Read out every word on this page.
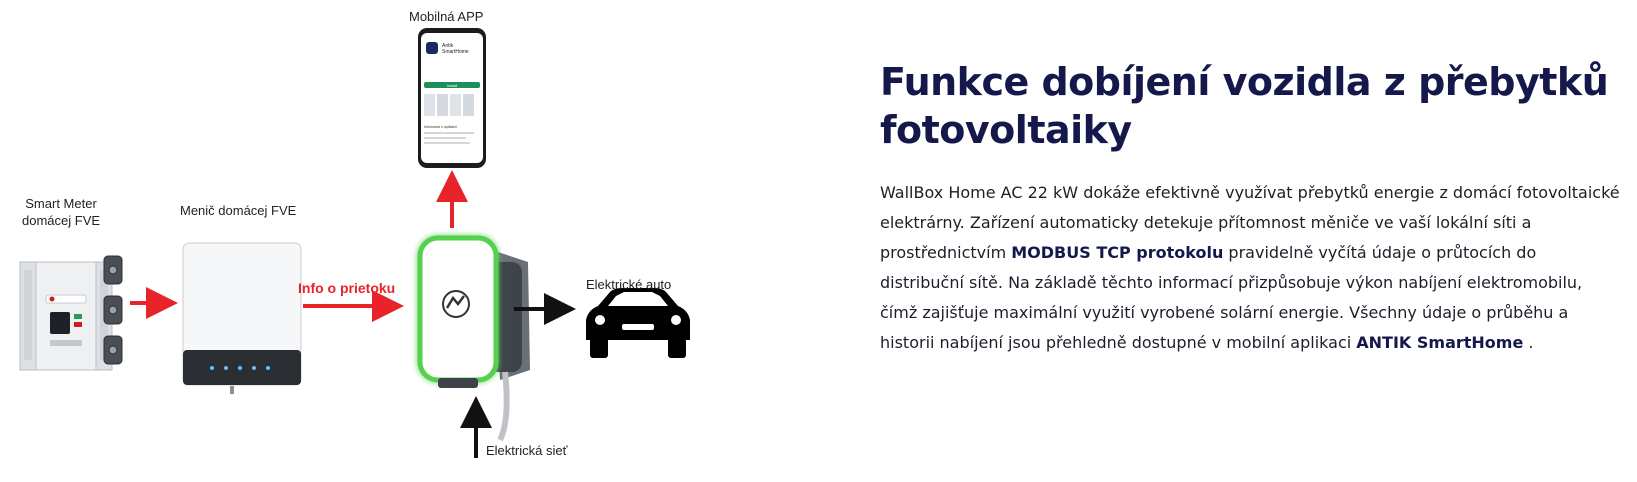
Antik
SmartHome
Install
Informácie o aplikácii
Mobilná APP
Smart Meter
domácej FVE
Menič domácej FVE
Info o prietoku	Elektrické auto
Elektrická sieť
Funkce dobíjení vozidla z přebytků fotovoltaiky

WallBox Home AC 22 kW dokáže efektivně využívat přebytků energie z domácí fotovoltaické elektrárny. Zařízení automaticky detekuje přítomnost měniče ve vaší lokální síti a prostřednictvím MODBUS TCP protokolu pravidelně vyčítá údaje o průtocích do distribuční sítě. Na základě těchto informací přizpůsobuje výkon nabíjení elektromobilu, čímž zajišťuje maximální využití vyrobené solární energie. Všechny údaje o průběhu a historii nabíjení jsou přehledně dostupné v mobilní aplikaci ANTIK SmartHome .
